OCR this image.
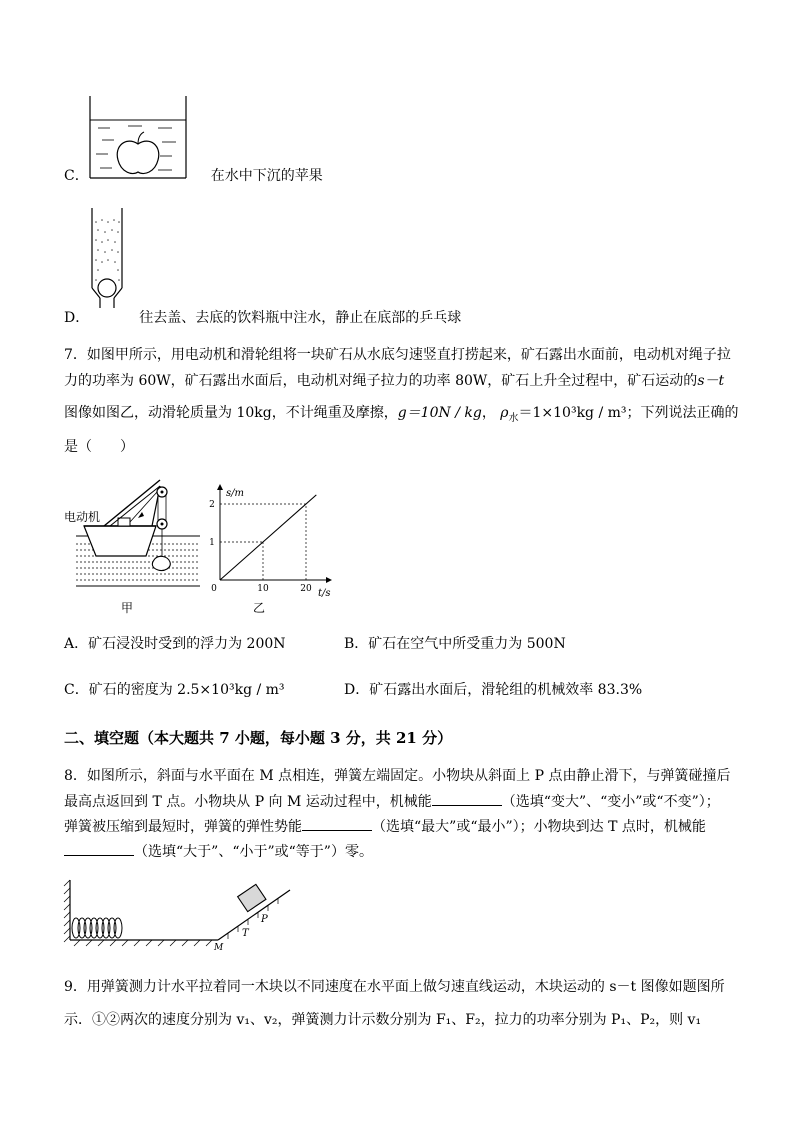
C．	在水中下沉的苹果
D．	往去盖、去底的饮料瓶中注水，静止在底部的乒乓球
7．如图甲所示，用电动机和滑轮组将一块矿石从水底匀速竖直打捞起来，矿石露出水面前，电动机对绳子拉
力的功率为 60W，矿石露出水面后，电动机对绳子拉力的功率 80W，矿石上升全过程中，矿石运动的s－t
图像如图乙，动滑轮质量为 10kg，不计绳重及摩擦，g＝10N / kg， $\rho_水=1\times 10^3kg / m^3$；下列说法正确的
是（　　）
电动机
甲
s/m
t/s
1
2
0	10	20
乙
A．矿石浸没时受到的浮力为 200N	B．矿石在空气中所受重力为 500N
C．矿石的密度为 2.5×10³kg / m³	D．矿石露出水面后，滑轮组的机械效率 83.3%
二、填空题（本大题共 7 小题，每小题 3 分，共 21 分）
8．如图所示，斜面与水平面在 M 点相连，弹簧左端固定。小物块从斜面上 P 点由静止滑下，与弹簧碰撞后
最高点返回到 T 点。小物块从 P 向 M 运动过程中，机械能	（选填“变大”、“变小”或“不变”）；
弹簧被压缩到最短时，弹簧的弹性势能	（选填“最大”或“最小”）；小物块到达 T 点时，机械能
（选填“大于”、“小于”或“等于”）零。
M
T
P
9．用弹簧测力计水平拉着同一木块以不同速度在水平面上做匀速直线运动，木块运动的 s－t 图像如题图所
示．①②两次的速度分别为 v₁、v₂，弹簧测力计示数分别为 F₁、F₂，拉力的功率分别为 P₁、P₂，则 v₁
